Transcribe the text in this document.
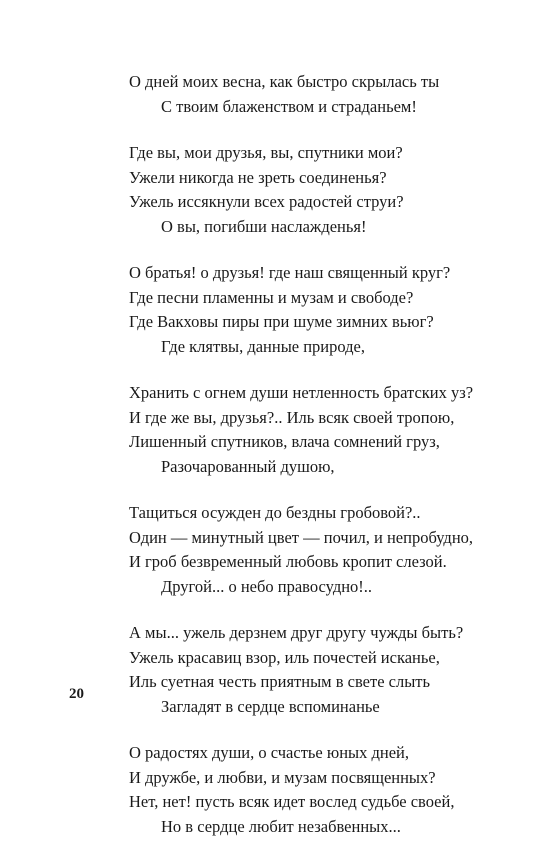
О дней моих весна, как быстро скрылась ты
С твоим блаженством и страданьем!
Где вы, мои друзья, вы, спутники мои?
Ужели никогда не зреть соединенья?
Ужель иссякнули всех радостей струи?
О вы, погибши наслажденья!
О братья! о друзья! где наш священный круг?
Где песни пламенны и музам и свободе?
Где Вакховы пиры при шуме зимних вьюг?
Где клятвы, данные природе,
Хранить с огнем души нетленность братских уз?
И где же вы, друзья?.. Иль всяк своей тропою,
Лишенный спутников, влача сомнений груз,
Разочарованный душою,
Тащиться осужден до бездны гробовой?..
Один — минутный цвет — почил, и непробудно,
И гроб безвременный любовь кропит слезой.
Другой... о небо правосудно!..
А мы... ужель дерзнем друг другу чужды быть?
Ужель красавиц взор, иль почестей исканье,
Иль суетная честь приятным в свете слыть
Загладят в сердце вспоминанье
О радостях души, о счастье юных дней,
И дружбе, и любви, и музам посвященных?
Нет, нет! пусть всяк идет вослед судьбе своей,
Но в сердце любит незабвенных...
20
